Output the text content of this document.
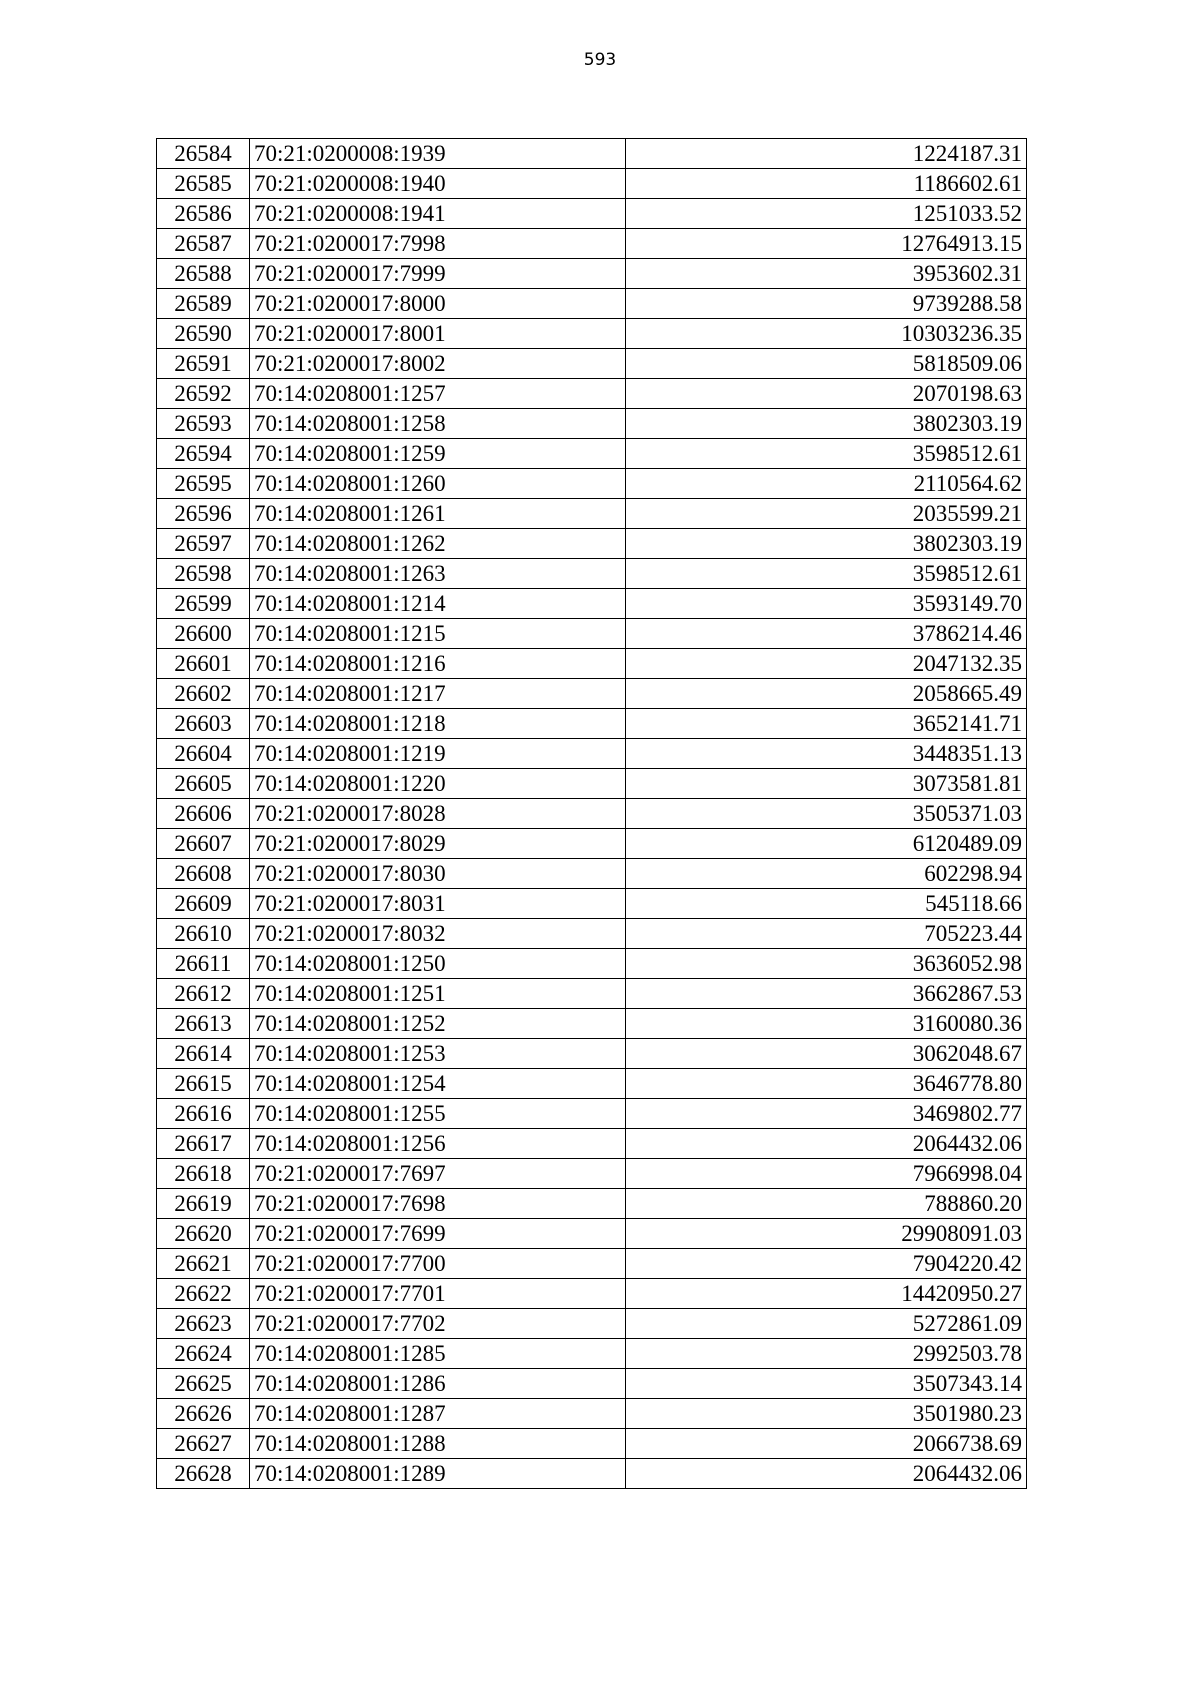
593
26584	70:21:0200008:1939	1224187.31
26585	70:21:0200008:1940	1186602.61
26586	70:21:0200008:1941	1251033.52
26587	70:21:0200017:7998	12764913.15
26588	70:21:0200017:7999	3953602.31
26589	70:21:0200017:8000	9739288.58
26590	70:21:0200017:8001	10303236.35
26591	70:21:0200017:8002	5818509.06
26592	70:14:0208001:1257	2070198.63
26593	70:14:0208001:1258	3802303.19
26594	70:14:0208001:1259	3598512.61
26595	70:14:0208001:1260	2110564.62
26596	70:14:0208001:1261	2035599.21
26597	70:14:0208001:1262	3802303.19
26598	70:14:0208001:1263	3598512.61
26599	70:14:0208001:1214	3593149.70
26600	70:14:0208001:1215	3786214.46
26601	70:14:0208001:1216	2047132.35
26602	70:14:0208001:1217	2058665.49
26603	70:14:0208001:1218	3652141.71
26604	70:14:0208001:1219	3448351.13
26605	70:14:0208001:1220	3073581.81
26606	70:21:0200017:8028	3505371.03
26607	70:21:0200017:8029	6120489.09
26608	70:21:0200017:8030	602298.94
26609	70:21:0200017:8031	545118.66
26610	70:21:0200017:8032	705223.44
26611	70:14:0208001:1250	3636052.98
26612	70:14:0208001:1251	3662867.53
26613	70:14:0208001:1252	3160080.36
26614	70:14:0208001:1253	3062048.67
26615	70:14:0208001:1254	3646778.80
26616	70:14:0208001:1255	3469802.77
26617	70:14:0208001:1256	2064432.06
26618	70:21:0200017:7697	7966998.04
26619	70:21:0200017:7698	788860.20
26620	70:21:0200017:7699	29908091.03
26621	70:21:0200017:7700	7904220.42
26622	70:21:0200017:7701	14420950.27
26623	70:21:0200017:7702	5272861.09
26624	70:14:0208001:1285	2992503.78
26625	70:14:0208001:1286	3507343.14
26626	70:14:0208001:1287	3501980.23
26627	70:14:0208001:1288	2066738.69
26628	70:14:0208001:1289	2064432.06
